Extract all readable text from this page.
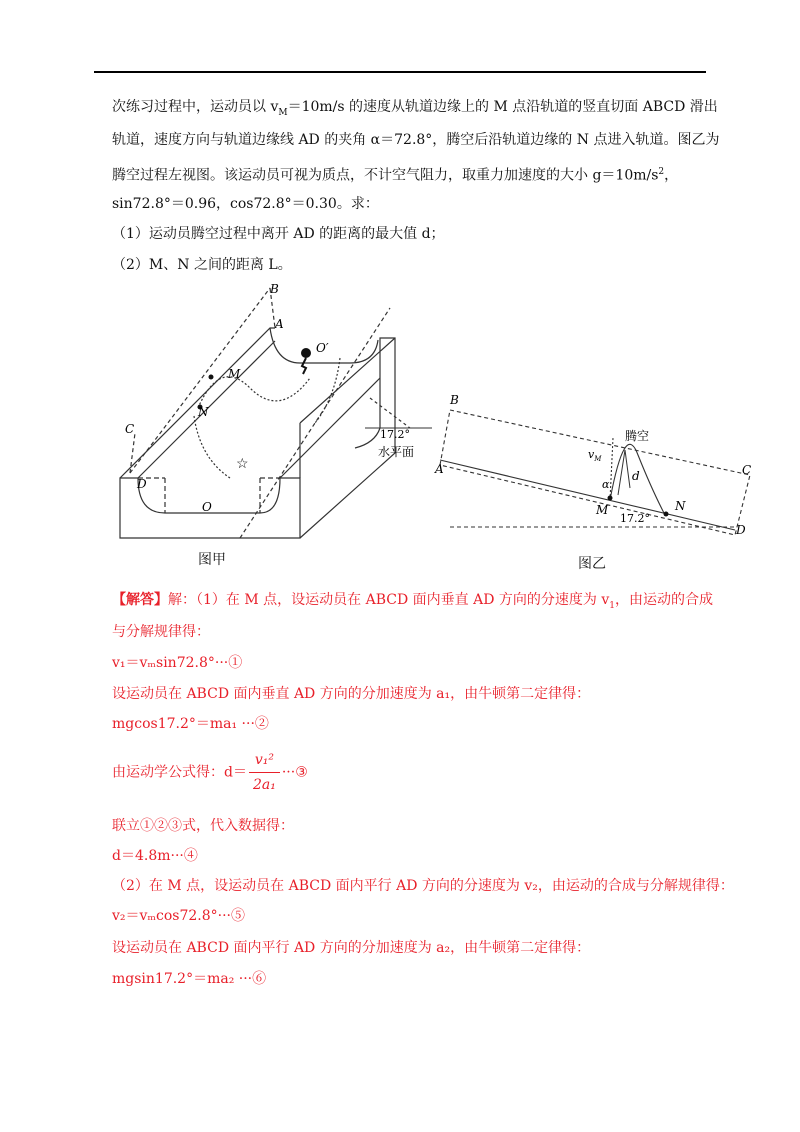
次练习过程中，运动员以 $v_M=10m/s$ 的速度从轨道边缘上的 M 点沿轨道的竖直切面 ABCD 滑出
轨道，速度方向与轨道边缘线 AD 的夹角 α＝72.8°，腾空后沿轨道边缘的 N 点进入轨道。图乙为
腾空过程左视图。该运动员可视为质点，不计空气阻力，取重力加速度的大小 $g=10m/s^2$，
sin72.8°＝0.96，cos72.8°＝0.30。求：
（1）运动员腾空过程中离开 AD 的距离的最大值 d；
（2）M、N 之间的距离 L。
☆
B
A
C
D
M
N
O′
O
17.2°
水平面
图甲
B
A	C
D
M	N
腾空
$v_M$
α
d
17.2°
图乙
【解答】解：（1）在 M 点，设运动员在 ABCD 面内垂直 AD 方向的分速度为 $v_1$，由运动的合成
与分解规律得：
v₁＝vₘsin72.8°···①
设运动员在 ABCD 面内垂直 AD 方向的分加速度为 a₁，由牛顿第二定律得：
mgcos17.2°＝ma₁ ···②
由运动学公式得：$d= \frac{\text{v₁²}}{\text{2a₁}}$ ···③
联立①②③式，代入数据得：
d＝4.8m···④
（2）在 M 点，设运动员在 ABCD 面内平行 AD 方向的分速度为 v₂，由运动的合成与分解规律得：
v₂＝vₘcos72.8°···⑤
设运动员在 ABCD 面内平行 AD 方向的分加速度为 a₂，由牛顿第二定律得：
mgsin17.2°＝ma₂ ···⑥
